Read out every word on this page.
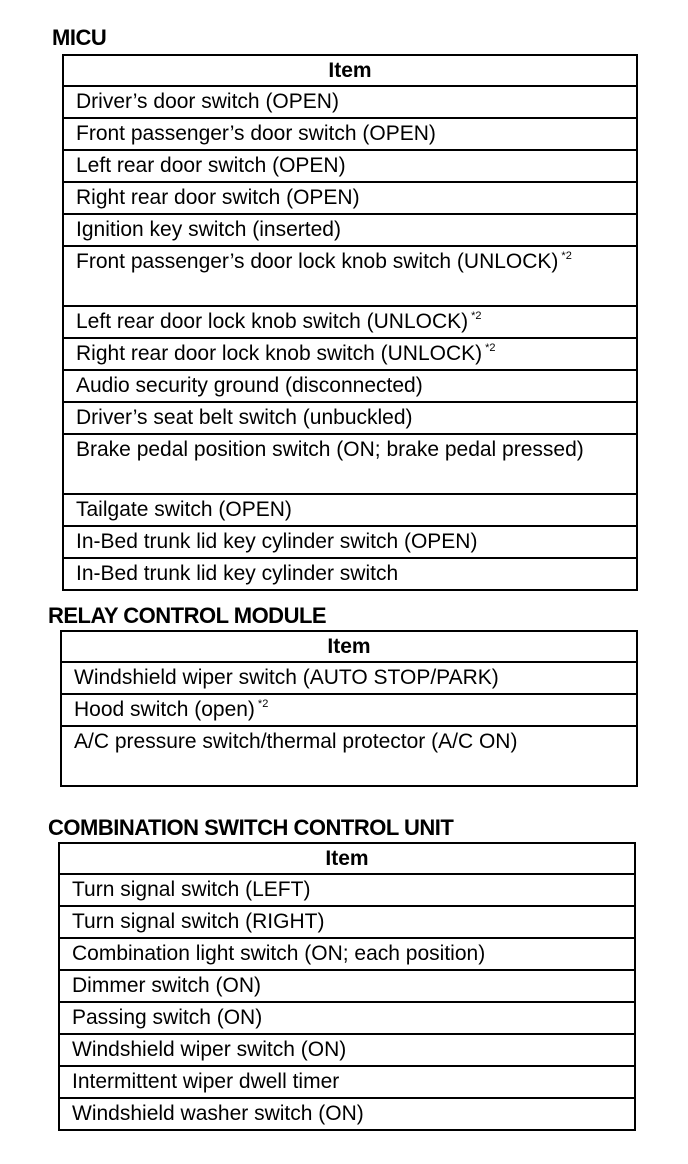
MICU
Item
Driver’s door switch (OPEN)
Front passenger’s door switch (OPEN)
Left rear door switch (OPEN)
Right rear door switch (OPEN)
Ignition key switch (inserted)
Front passenger’s door lock knob switch (UNLOCK) $^{*2}$
Left rear door lock knob switch (UNLOCK) $^{*2}$
Right rear door lock knob switch (UNLOCK) $^{*2}$
Audio security ground (disconnected)
Driver’s seat belt switch (unbuckled)
Brake pedal position switch (ON; brake pedal pressed)
Tailgate switch (OPEN)
In-Bed trunk lid key cylinder switch (OPEN)
In-Bed trunk lid key cylinder switch
RELAY CONTROL MODULE
Item
Windshield wiper switch (AUTO STOP/PARK)
Hood switch (open) $^{*2}$
A/C pressure switch/thermal protector (A/C ON)
COMBINATION SWITCH CONTROL UNIT
Item
Turn signal switch (LEFT)
Turn signal switch (RIGHT)
Combination light switch (ON; each position)
Dimmer switch (ON)
Passing switch (ON)
Windshield wiper switch (ON)
Intermittent wiper dwell timer
Windshield washer switch (ON)
